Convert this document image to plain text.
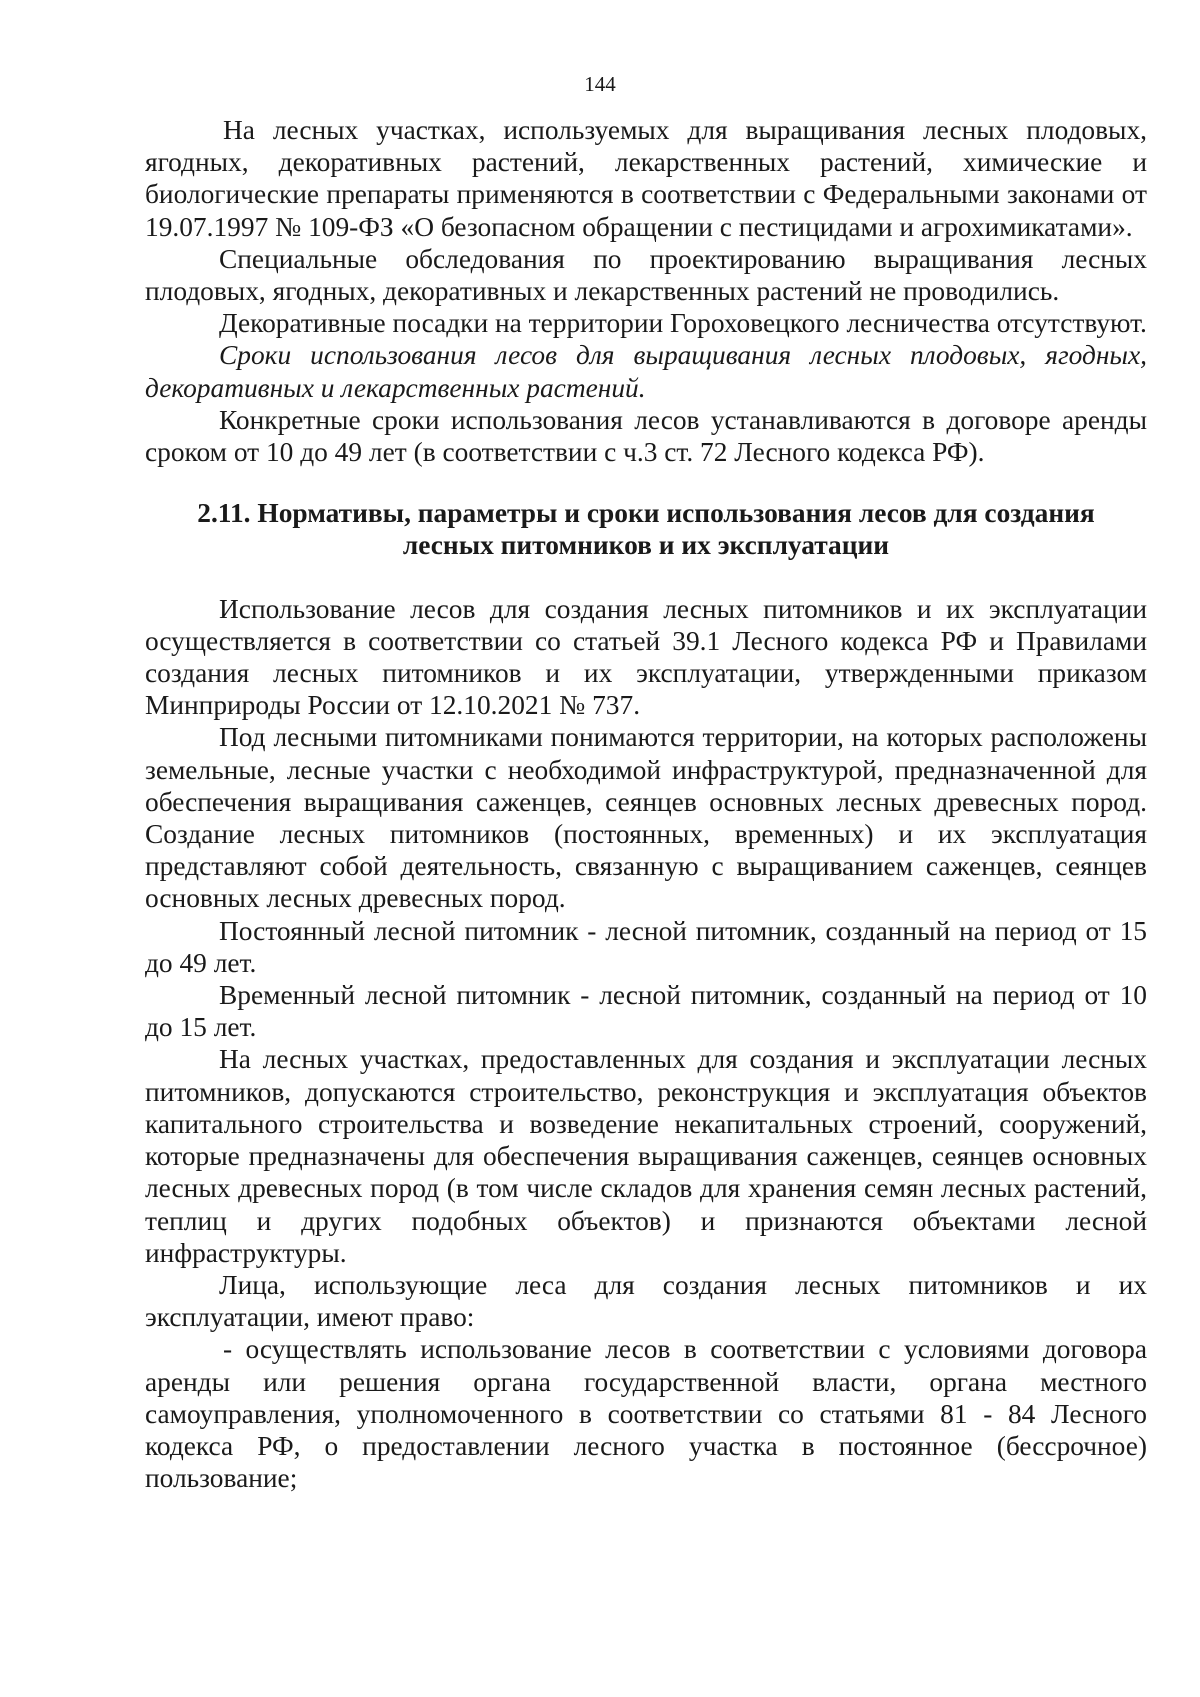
144

На лесных участках, используемых для выращивания лесных плодовых, ягодных, декоративных растений, лекарственных растений, химические и биологические препараты применяются в соответствии с Федеральными законами от 19.07.1997 № 109-ФЗ «О безопасном обращении с пестицидами и агрохимикатами».

Специальные обследования по проектированию выращивания лесных плодовых, ягодных, декоративных и лекарственных растений не проводились.

Декоративные посадки на территории Гороховецкого лесничества отсутствуют.

Сроки использования лесов для выращивания лесных плодовых, ягодных, декоративных и лекарственных растений.

Конкретные сроки использования лесов устанавливаются в договоре аренды сроком от 10 до 49 лет (в соответствии с ч.3 ст. 72 Лесного кодекса РФ).

2.11. Нормативы, параметры и сроки использования лесов для создания
лесных питомников и их эксплуатации

Использование лесов для создания лесных питомников и их эксплуатации осуществляется в соответствии со статьей 39.1 Лесного кодекса РФ и Правилами создания лесных питомников и их эксплуатации, утвержденными приказом Минприроды России от 12.10.2021 № 737.

Под лесными питомниками понимаются территории, на которых расположены земельные, лесные участки с необходимой инфраструктурой, предназначенной для обеспечения выращивания саженцев, сеянцев основных лесных древесных пород. Создание лесных питомников (постоянных, временных) и их эксплуатация представляют собой деятельность, связанную с выращиванием саженцев, сеянцев основных лесных древесных пород.

Постоянный лесной питомник - лесной питомник, созданный на период от 15 до 49 лет.

Временный лесной питомник - лесной питомник, созданный на период от 10 до 15 лет.

На лесных участках, предоставленных для создания и эксплуатации лесных питомников, допускаются строительство, реконструкция и эксплуатация объектов капитального строительства и возведение некапитальных строений, сооружений, которые предназначены для обеспечения выращивания саженцев, сеянцев основных лесных древесных пород (в том числе складов для хранения семян лесных растений, теплиц и других подобных объектов) и признаются объектами лесной инфраструктуры.

Лица, использующие леса для создания лесных питомников и их эксплуатации, имеют право:

- осуществлять использование лесов в соответствии с условиями договора аренды или решения органа государственной власти, органа местного самоуправления, уполномоченного в соответствии со статьями 81 - 84 Лесного кодекса РФ, о предоставлении лесного участка в постоянное (бессрочное) пользование;
